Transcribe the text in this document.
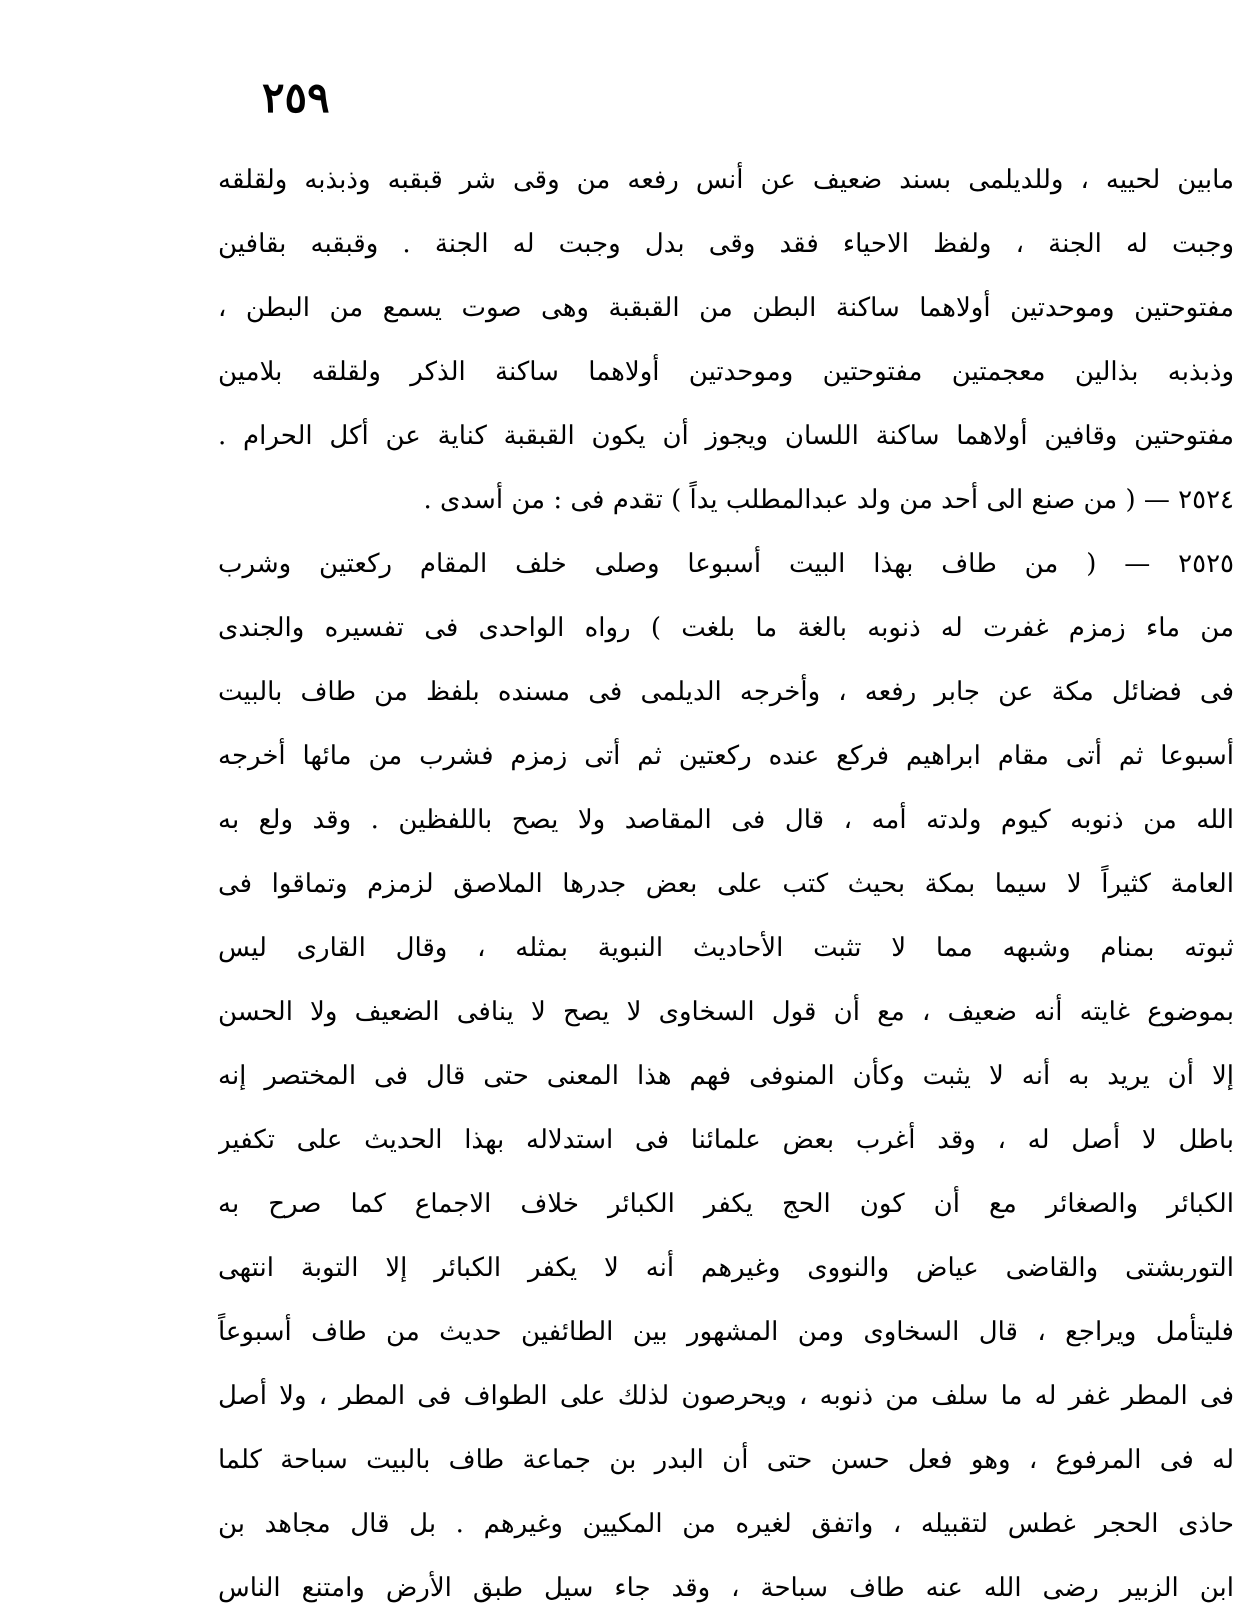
٢٥٩
مابين لحييه ، وللديلمى بسند ضعيف عن أنس رفعه من وقى شر قبقبه وذبذبه ولقلقه
وجبت له الجنة ، ولفظ الاحياء فقد وقى بدل وجبت له الجنة . وقبقبه بقافين
مفتوحتين وموحدتين أولاهما ساكنة البطن من القبقبة وهى صوت يسمع من البطن ،
وذبذبه بذالين معجمتين مفتوحتين وموحدتين أولاهما ساكنة الذكر ولقلقه بلامين
مفتوحتين وقافين أولاهما ساكنة اللسان ويجوز أن يكون القبقبة كناية عن أكل الحرام .
٢٥٢٤ — ( من صنع الى أحد من ولد عبدالمطلب يداً ) تقدم فى : من أسدى .
٢٥٢٥ — ( من طاف بهذا البيت أسبوعا وصلى خلف المقام ركعتين وشرب
من ماء زمزم غفرت له ذنوبه بالغة ما بلغت ) رواه الواحدى فى تفسيره والجندى
فى فضائل مكة عن جابر رفعه ، وأخرجه الديلمى فى مسنده بلفظ من طاف بالبيت
أسبوعا ثم أتى مقام ابراهيم فركع عنده ركعتين ثم أتى زمزم فشرب من مائها أخرجه
الله من ذنوبه كيوم ولدته أمه ، قال فى المقاصد ولا يصح باللفظين . وقد ولع به
العامة كثيراً لا سيما بمكة بحيث كتب على بعض جدرها الملاصق لزمزم وتماقوا فى
ثبوته بمنام وشبهه مما لا تثبت الأحاديث النبوية بمثله ، وقال القارى ليس
بموضوع غايته أنه ضعيف ، مع أن قول السخاوى لا يصح لا ينافى الضعيف ولا الحسن
إلا أن يريد به أنه لا يثبت وكأن المنوفى فهم هذا المعنى حتى قال فى المختصر إنه
باطل لا أصل له ، وقد أغرب بعض علمائنا فى استدلاله بهذا الحديث على تكفير
الكبائر والصغائر مع أن كون الحج يكفر الكبائر خلاف الاجماع كما صرح به
التوربشتى والقاضى عياض والنووى وغيرهم أنه لا يكفر الكبائر إلا التوبة انتهى
فليتأمل ويراجع ، قال السخاوى ومن المشهور بين الطائفين حديث من طاف أسبوعاً
فى المطر غفر له ما سلف من ذنوبه ، ويحرصون لذلك على الطواف فى المطر ، ولا أصل
له فى المرفوع ، وهو فعل حسن حتى أن البدر بن جماعة طاف بالبيت سباحة كلما
حاذى الحجر غطس لتقبيله ، واتفق لغيره من المكيين وغيرهم . بل قال مجاهد بن
ابن الزبير رضى الله عنه طاف سباحة ، وقد جاء سيل طبق الأرض وامتنع الناس
